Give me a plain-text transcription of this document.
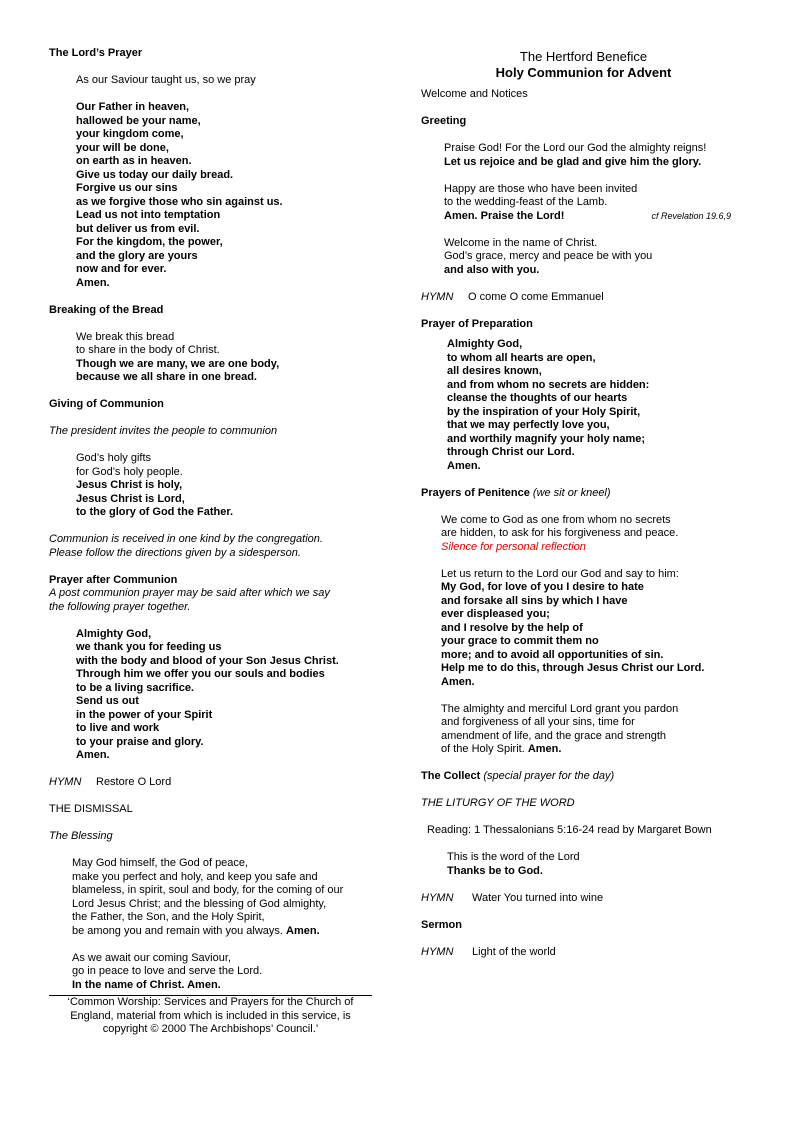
The Lord’s Prayer

As our Saviour taught us, so we pray

Our Father in heaven,

hallowed be your name,

your kingdom come,

your will be done,

on earth as in heaven.

Give us today our daily bread.

Forgive us our sins

as we forgive those who sin against us.

Lead us not into temptation

but deliver us from evil.

For the kingdom, the power,

and the glory are yours

now and for ever.

Amen.

Breaking of the Bread

We break this bread

to share in the body of Christ.

Though we are many, we are one body,

because we all share in one bread.

Giving of Communion

The president invites the people to communion

God’s holy gifts

for God’s holy people.

Jesus Christ is holy,

Jesus Christ is Lord,

to the glory of God the Father.

Communion is received in one kind by the congregation.

Please follow the directions given by a sidesperson.

Prayer after Communion

A post communion prayer may be said after which we say

the following prayer together.

Almighty God,

we thank you for feeding us

with the body and blood of your Son Jesus Christ.

Through him we offer you our souls and bodies

to be a living sacrifice.

Send us out

in the power of your Spirit

to live and work

to your praise and glory.

Amen.

HYMN	Restore O Lord

THE DISMISSAL

The Blessing

May God himself, the God of peace,

make you perfect and holy, and keep you safe and

blameless, in spirit, soul and body, for the coming of our

Lord Jesus Christ; and the blessing of God almighty,

the Father, the Son, and the Holy Spirit,

be among you and remain with you always. Amen.

As we await our coming Saviour,

go in peace to love and serve the Lord.

In the name of Christ. Amen.

‘Common Worship: Services and Prayers for the Church of

England, material from which is included in this service, is

copyright © 2000 The Archbishops’ Council.’

The Hertford Benefice

Holy Communion for Advent

Welcome and Notices

Greeting

Praise God! For the Lord our God the almighty reigns!

Let us rejoice and be glad and give him the glory.

Happy are those who have been invited

to the wedding-feast of the Lamb.

Amen. Praise the Lord!	cf Revelation 19.6,9

Welcome in the name of Christ.

God’s grace, mercy and peace be with you

and also with you.

HYMN	O come O come Emmanuel

Prayer of Preparation

Almighty God,

to whom all hearts are open,

all desires known,

and from whom no secrets are hidden:

cleanse the thoughts of our hearts

by the inspiration of your Holy Spirit,

that we may perfectly love you,

and worthily magnify your holy name;

through Christ our Lord.

Amen.

Prayers of Penitence (we sit or kneel)

We come to God as one from whom no secrets

are hidden, to ask for his forgiveness and peace.

Silence for personal reflection

Let us return to the Lord our God and say to him:

My God, for love of you I desire to hate

and forsake all sins by which I have

ever displeased you;

and I resolve by the help of

your grace to commit them no

more; and to avoid all opportunities of sin.

Help me to do this, through Jesus Christ our Lord.

Amen.

The almighty and merciful Lord grant you pardon

and forgiveness of all your sins, time for

amendment of life, and the grace and strength

of the Holy Spirit. Amen.

The Collect (special prayer for the day)

THE LITURGY OF THE WORD

Reading: 1 Thessalonians 5:16-24 read by Margaret Bown

This is the word of the Lord

Thanks be to God.

HYMN	Water You turned into wine

Sermon

HYMN	Light of the world
